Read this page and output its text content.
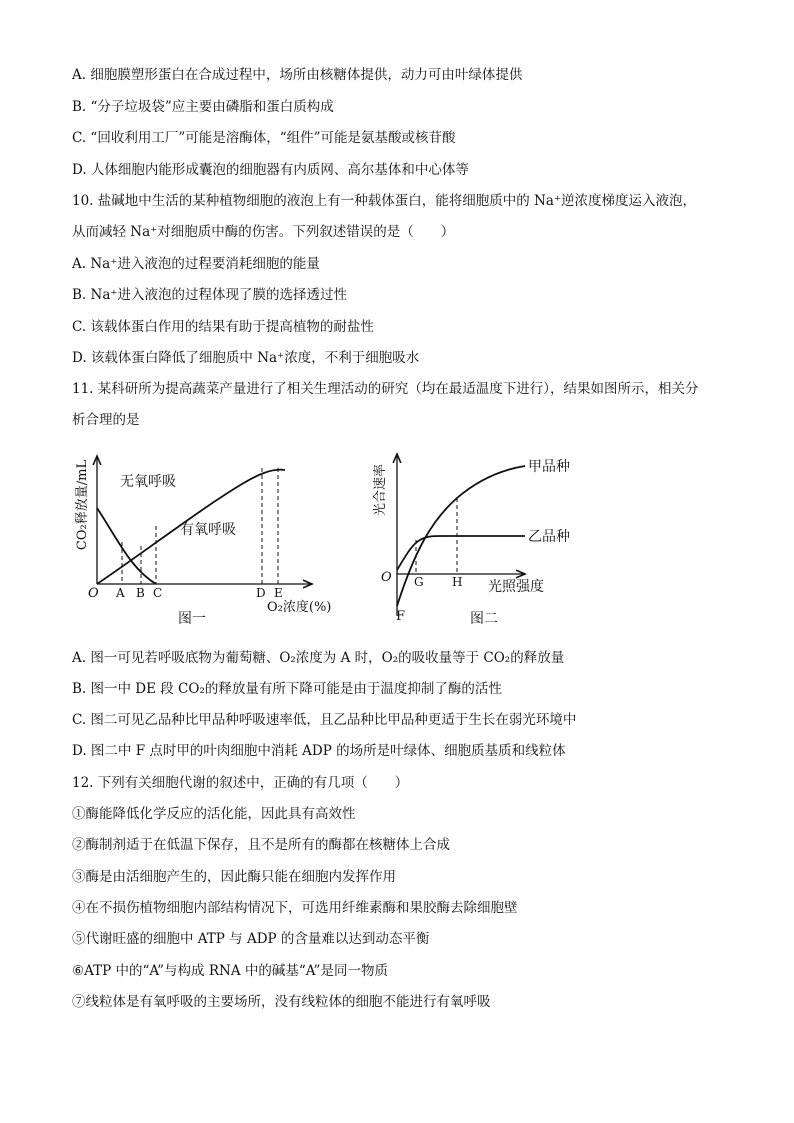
A. 细胞膜塑形蛋白在合成过程中，场所由核糖体提供，动力可由叶绿体提供
B. “分子垃圾袋”应主要由磷脂和蛋白质构成
C. “回收利用工厂”可能是溶酶体，“组件”可能是氨基酸或核苷酸
D. 人体细胞内能形成囊泡的细胞器有内质网、高尔基体和中心体等
10. 盐碱地中生活的某种植物细胞的液泡上有一种载体蛋白，能将细胞质中的 Na⁺逆浓度梯度运入液泡，
从而减轻 Na⁺对细胞质中酶的伤害。下列叙述错误的是（　　）
A. Na⁺进入液泡的过程要消耗细胞的能量
B. Na⁺进入液泡的过程体现了膜的选择透过性
C. 该载体蛋白作用的结果有助于提高植物的耐盐性
D. 该载体蛋白降低了细胞质中 Na⁺浓度，不利于细胞吸水
11. 某科研所为提高蔬菜产量进行了相关生理活动的研究（均在最适温度下进行），结果如图所示，相关分
析合理的是
CO₂释放量/mL
O A B C	D E
无氧呼吸
有氧呼吸
O₂浓度(%)
图一
光合速率
O
F
G H
甲品种
乙品种
光照强度
图二
A. 图一可见若呼吸底物为葡萄糖、O₂浓度为 A 时，O₂的吸收量等于 CO₂的释放量
B. 图一中 DE 段 CO₂的释放量有所下降可能是由于温度抑制了酶的活性
C. 图二可见乙品种比甲品种呼吸速率低，且乙品种比甲品种更适于生长在弱光环境中
D. 图二中 F 点时甲的叶肉细胞中消耗 ADP 的场所是叶绿体、细胞质基质和线粒体
12. 下列有关细胞代谢的叙述中，正确的有几项（　　）
①酶能降低化学反应的活化能，因此具有高效性
②酶制剂适于在低温下保存，且不是所有的酶都在核糖体上合成
③酶是由活细胞产生的，因此酶只能在细胞内发挥作用
④在不损伤植物细胞内部结构情况下，可选用纤维素酶和果胶酶去除细胞壁
⑤代谢旺盛的细胞中 ATP 与 ADP 的含量难以达到动态平衡
⑥ATP 中的“A”与构成 RNA 中的碱基“A”是同一物质
⑦线粒体是有氧呼吸的主要场所，没有线粒体的细胞不能进行有氧呼吸
